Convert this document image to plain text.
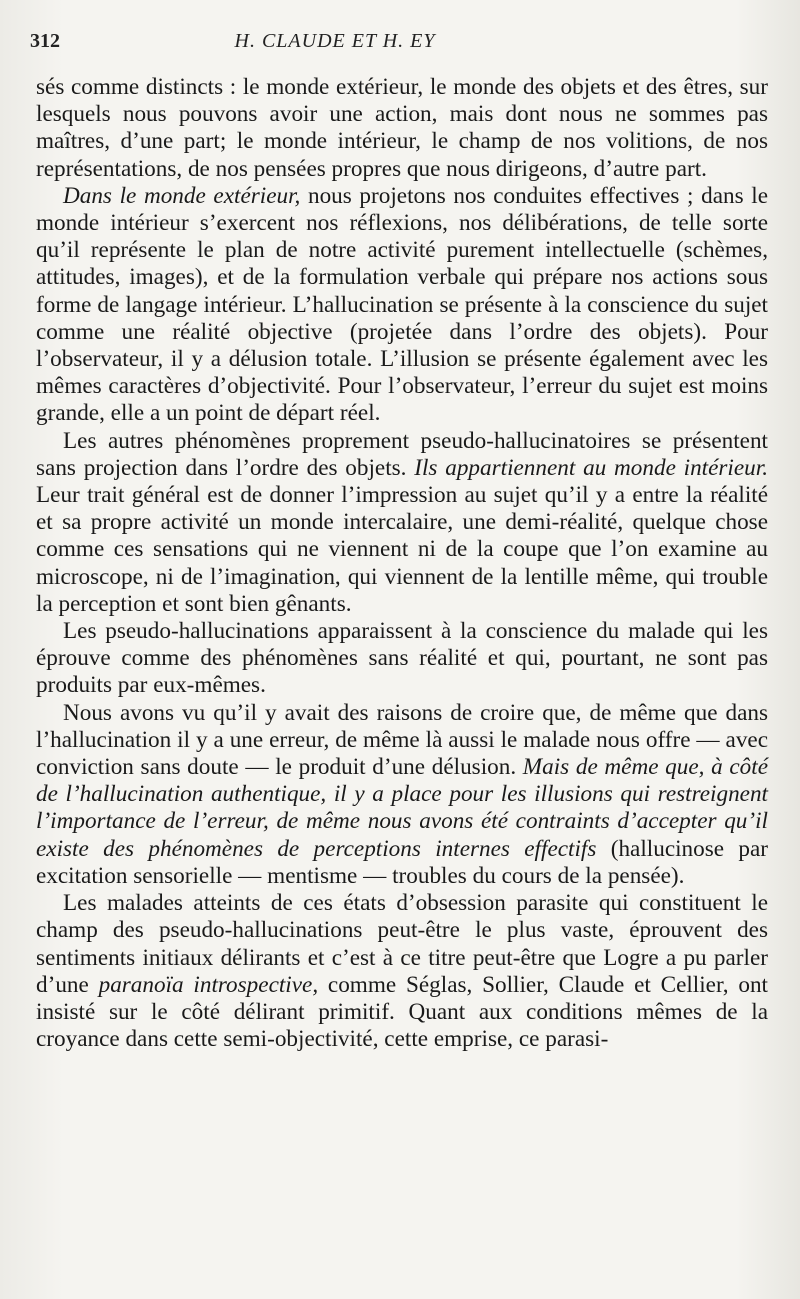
312	H. CLAUDE ET H. EY

sés comme distincts : le monde extérieur, le monde des objets et des êtres, sur lesquels nous pouvons avoir une action, mais dont nous ne sommes pas maîtres, d’une part; le monde intérieur, le champ de nos volitions, de nos représentations, de nos pensées propres que nous dirigeons, d’autre part.

Dans le monde extérieur, nous projetons nos conduites effectives ; dans le monde intérieur s’exercent nos réflexions, nos délibérations, de telle sorte qu’il représente le plan de notre activité purement intellectuelle (schèmes, attitudes, images), et de la formulation verbale qui prépare nos actions sous forme de langage intérieur. L’hallucination se présente à la conscience du sujet comme une réalité objective (projetée dans l’ordre des objets). Pour l’observateur, il y a délusion totale. L’illusion se présente également avec les mêmes caractères d’objectivité. Pour l’observateur, l’erreur du sujet est moins grande, elle a un point de départ réel.

Les autres phénomènes proprement pseudo-hallucinatoires se présentent sans projection dans l’ordre des objets. Ils appartiennent au monde intérieur. Leur trait général est de donner l’impression au sujet qu’il y a entre la réalité et sa propre activité un monde intercalaire, une demi-réalité, quelque chose comme ces sensations qui ne viennent ni de la coupe que l’on examine au microscope, ni de l’imagination, qui viennent de la lentille même, qui trouble la perception et sont bien gênants.

Les pseudo-hallucinations apparaissent à la conscience du malade qui les éprouve comme des phénomènes sans réalité et qui, pourtant, ne sont pas produits par eux-mêmes.

Nous avons vu qu’il y avait des raisons de croire que, de même que dans l’hallucination il y a une erreur, de même là aussi le malade nous offre — avec conviction sans doute — le produit d’une délusion. Mais de même que, à côté de l’hallucination authentique, il y a place pour les illusions qui restreignent l’importance de l’erreur, de même nous avons été contraints d’accepter qu’il existe des phénomènes de perceptions internes effectifs (hallucinose par excitation sensorielle — mentisme — troubles du cours de la pensée).

Les malades atteints de ces états d’obsession parasite qui constituent le champ des pseudo-hallucinations peut-être le plus vaste, éprouvent des sentiments initiaux délirants et c’est à ce titre peut-être que Logre a pu parler d’une paranoïa introspective, comme Séglas, Sollier, Claude et Cellier, ont insisté sur le côté délirant primitif. Quant aux conditions mêmes de la croyance dans cette semi-objectivité, cette emprise, ce parasi-
